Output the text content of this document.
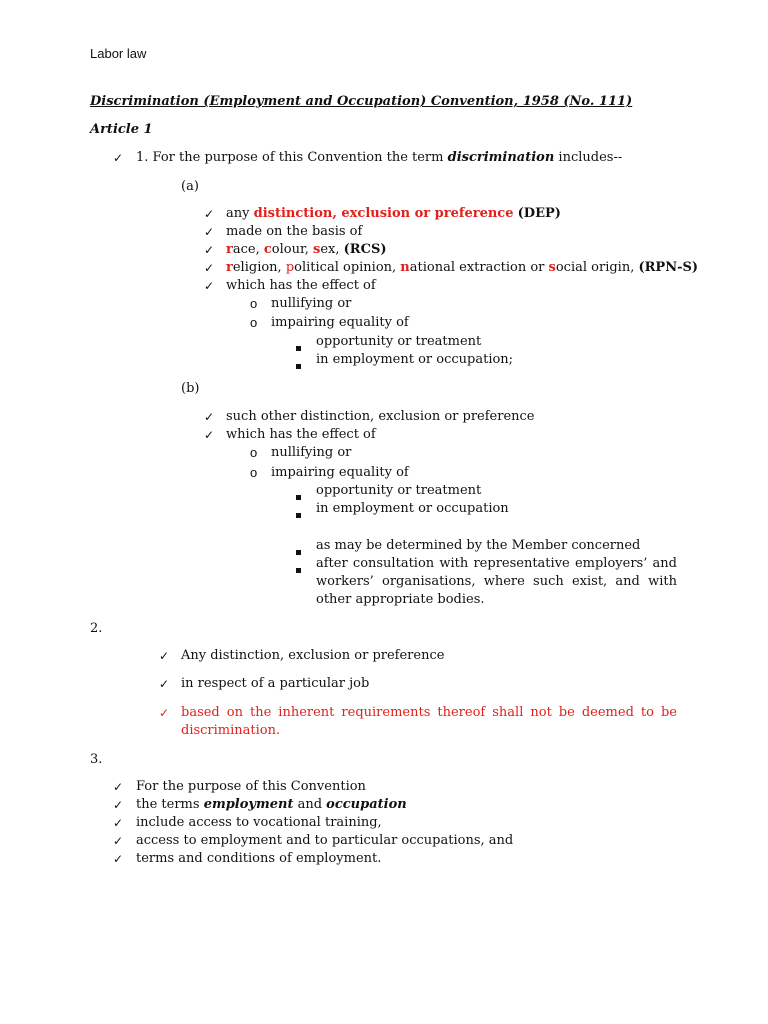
Labor law
Discrimination (Employment and Occupation) Convention, 1958 (No. 111)
Article 1
✓ 1. For the purpose of this Convention the term discrimination includes--
(a)
✓ any distinction, exclusion or preference (DEP)
✓ made on the basis of
✓ race, colour, sex, (RCS)
✓ religion, political opinion, national extraction or social origin, (RPN-S)
✓ which has the effect of
o nullifying or
o impairing equality of
opportunity or treatment
in employment or occupation;
(b)
✓ such other distinction, exclusion or preference
✓ which has the effect of
o nullifying or
o impairing equality of
opportunity or treatment
in employment or occupation
as may be determined by the Member concerned
after consultation with representative employers’ and workers’ organisations, where such exist, and with other appropriate bodies.
2.
✓ Any distinction, exclusion or preference
✓ in respect of a particular job
✓ based on the inherent requirements thereof shall not be deemed to be discrimination.
3.
✓ For the purpose of this Convention
✓ the terms employment and occupation
✓ include access to vocational training,
✓ access to employment and to particular occupations, and
✓ terms and conditions of employment.
